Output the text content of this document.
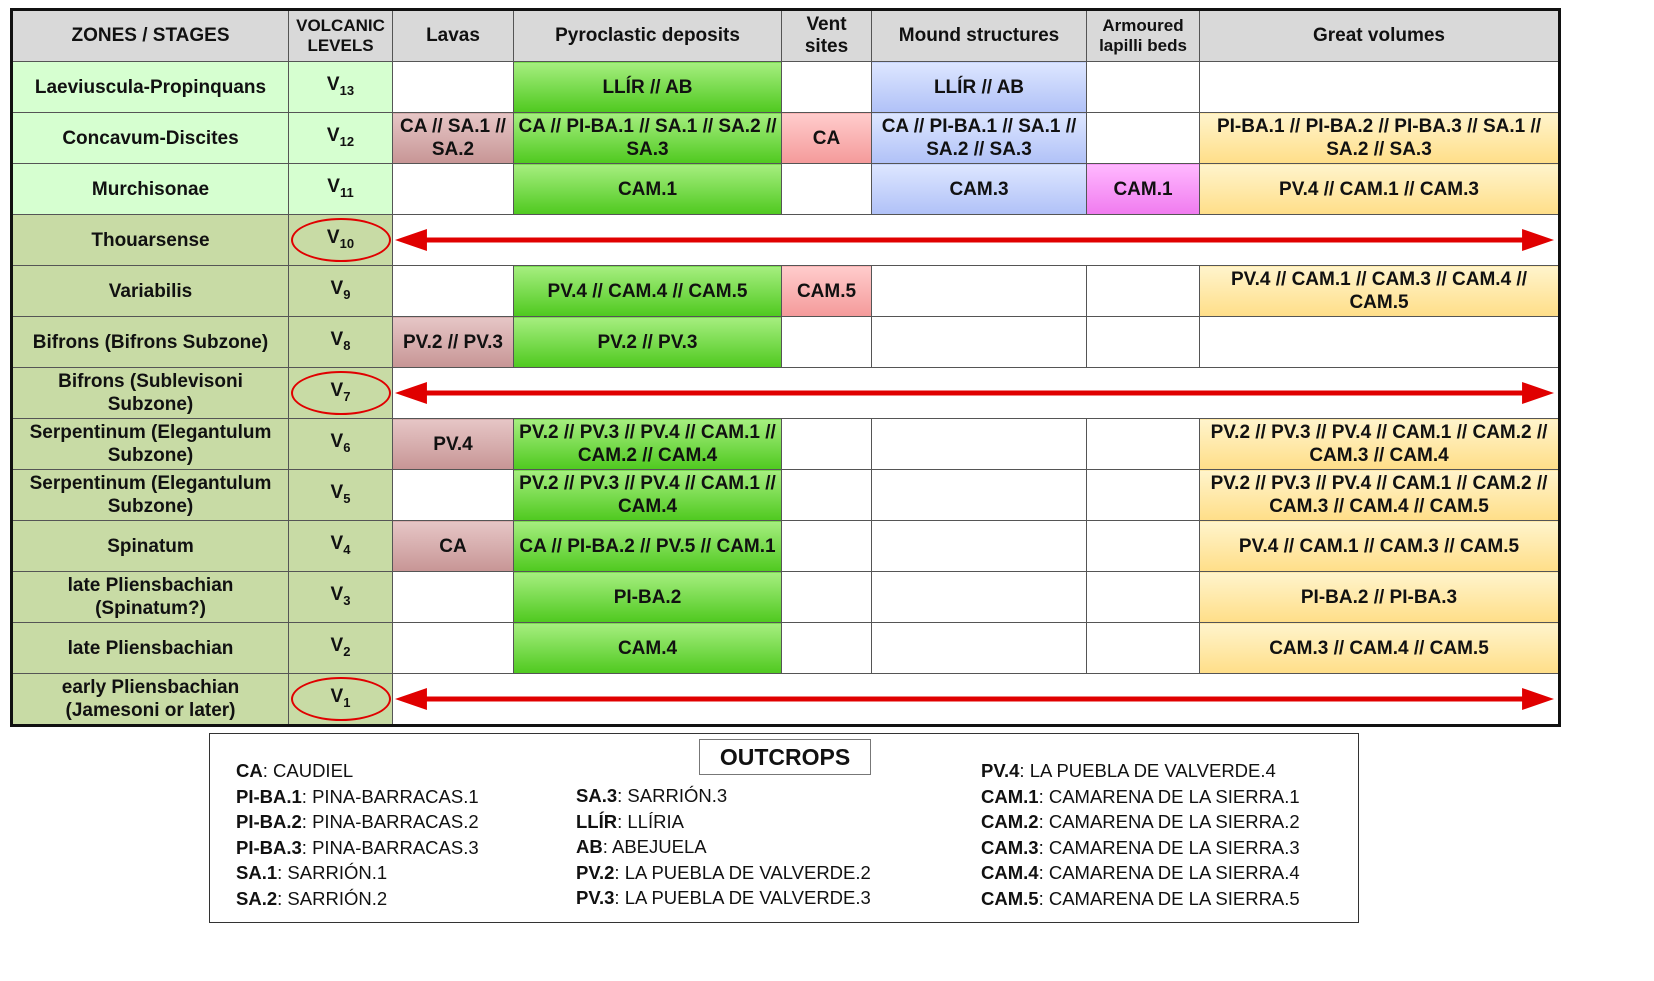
ZONES / STAGES	VOLCANIC LEVELS	Lavas	Pyroclastic deposits	Vent sites	Mound structures	Armoured lapilli beds	Great volumes
Laeviuscula-Propinquans	$V_{13}$		LLÍR // AB		LLÍR // AB		
Concavum-Discites	$V_{12}$	CA // SA.1 // SA.2	CA // PI-BA.1 // SA.1 // SA.2 // SA.3	CA	CA // PI-BA.1 // SA.1 // SA.2 // SA.3		PI-BA.1 // PI-BA.2 // PI-BA.3 // SA.1 // SA.2 // SA.3
Murchisonae	$V_{11}$		CAM.1		CAM.3	CAM.1	PV.4 // CAM.1 // CAM.3
Thouarsense	$V_{10}$

Variabilis	$V_9$		PV.4 // CAM.4 // CAM.5	CAM.5			PV.4 // CAM.1 // CAM.3 // CAM.4 // CAM.5
Bifrons (Bifrons Subzone)	$V_8$	PV.2 // PV.3	PV.2 // PV.3				
Bifrons (Sublevisoni Subzone)	$V_7$

Serpentinum (Elegantulum Subzone)	$V_6$	PV.4	PV.2 // PV.3 // PV.4 // CAM.1 // CAM.2 // CAM.4				PV.2 // PV.3 // PV.4 // CAM.1 // CAM.2 // CAM.3 // CAM.4
Serpentinum (Elegantulum Subzone)	$V_5$		PV.2 // PV.3 // PV.4 // CAM.1 // CAM.4				PV.2 // PV.3 // PV.4 // CAM.1 // CAM.2 // CAM.3 // CAM.4 // CAM.5
Spinatum	$V_4$	CA	CA // PI-BA.2 // PV.5 // CAM.1				PV.4 // CAM.1 // CAM.3 // CAM.5
late Pliensbachian (Spinatum?)	$V_3$		PI-BA.2				PI-BA.2 // PI-BA.3
late Pliensbachian	$V_2$		CAM.4				CAM.3 // CAM.4 // CAM.5
early Pliensbachian (Jamesoni or later)	$V_1$

OUTCROPS
CA: CAUDIEL
PI-BA.1: PINA-BARRACAS.1
PI-BA.2: PINA-BARRACAS.2
PI-BA.3: PINA-BARRACAS.3
SA.1: SARRIÓN.1
SA.2: SARRIÓN.2
SA.3: SARRIÓN.3
LLÍR: LLÍRIA
AB: ABEJUELA
PV.2: LA PUEBLA DE VALVERDE.2
PV.3: LA PUEBLA DE VALVERDE.3
PV.4: LA PUEBLA DE VALVERDE.4
CAM.1: CAMARENA DE LA SIERRA.1
CAM.2: CAMARENA DE LA SIERRA.2
CAM.3: CAMARENA DE LA SIERRA.3
CAM.4: CAMARENA DE LA SIERRA.4
CAM.5: CAMARENA DE LA SIERRA.5
